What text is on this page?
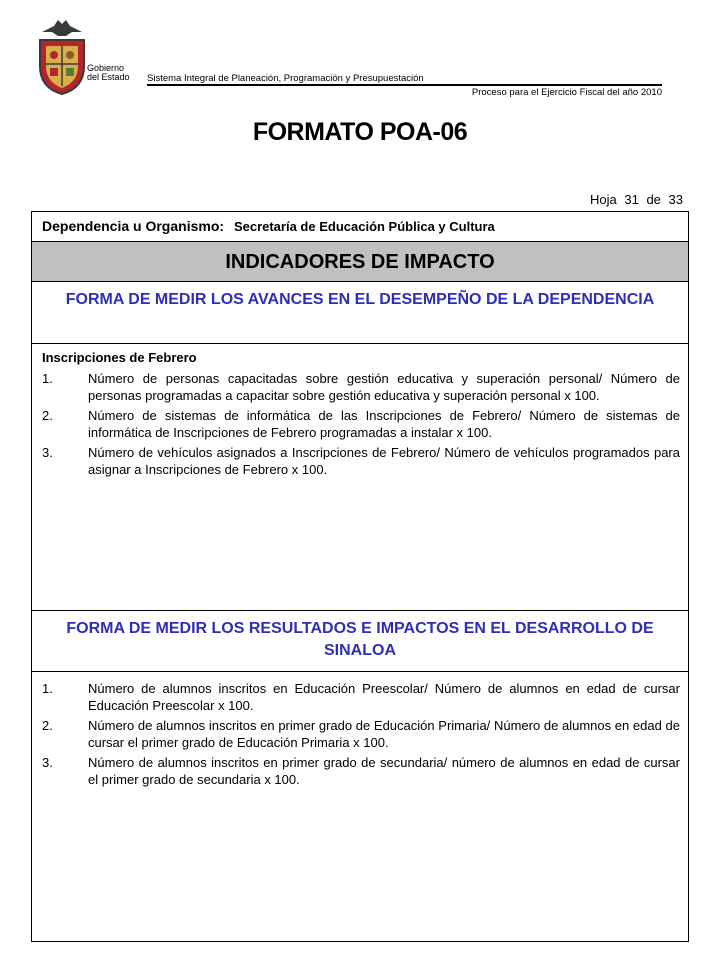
Gobierno
del Estado Sistema Integral de Planeación, Programación y Presupuestación
Proceso para el Ejercicio Fiscal del año 2010
FORMATO POA-06
Hoja 31 de 33
Dependencia u Organismo: Secretaría de Educación Pública y Cultura
INDICADORES DE IMPACTO
FORMA DE MEDIR LOS AVANCES EN EL DESEMPEÑO DE LA DEPENDENCIA
Inscripciones de Febrero
1.	Número de personas capacitadas sobre gestión educativa y superación personal/ Número de personas programadas a capacitar sobre gestión educativa y superación personal x 100.
2.	Número de sistemas de informática de las Inscripciones de Febrero/ Número de sistemas de informática de Inscripciones de Febrero programadas a instalar x 100.
3.	Número de vehículos asignados a Inscripciones de Febrero/ Número de vehículos programados para asignar a Inscripciones de Febrero x 100.
FORMA DE MEDIR LOS RESULTADOS E IMPACTOS EN EL DESARROLLO DE SINALOA
1.	Número de alumnos inscritos en Educación Preescolar/ Número de alumnos en edad de cursar Educación Preescolar x 100.
2.	Número de alumnos inscritos en primer grado de Educación Primaria/ Número de alumnos en edad de cursar el primer grado de Educación Primaria x 100.
3.	Número de alumnos inscritos en primer grado de secundaria/ número de alumnos en edad de cursar el primer grado de secundaria x 100.
